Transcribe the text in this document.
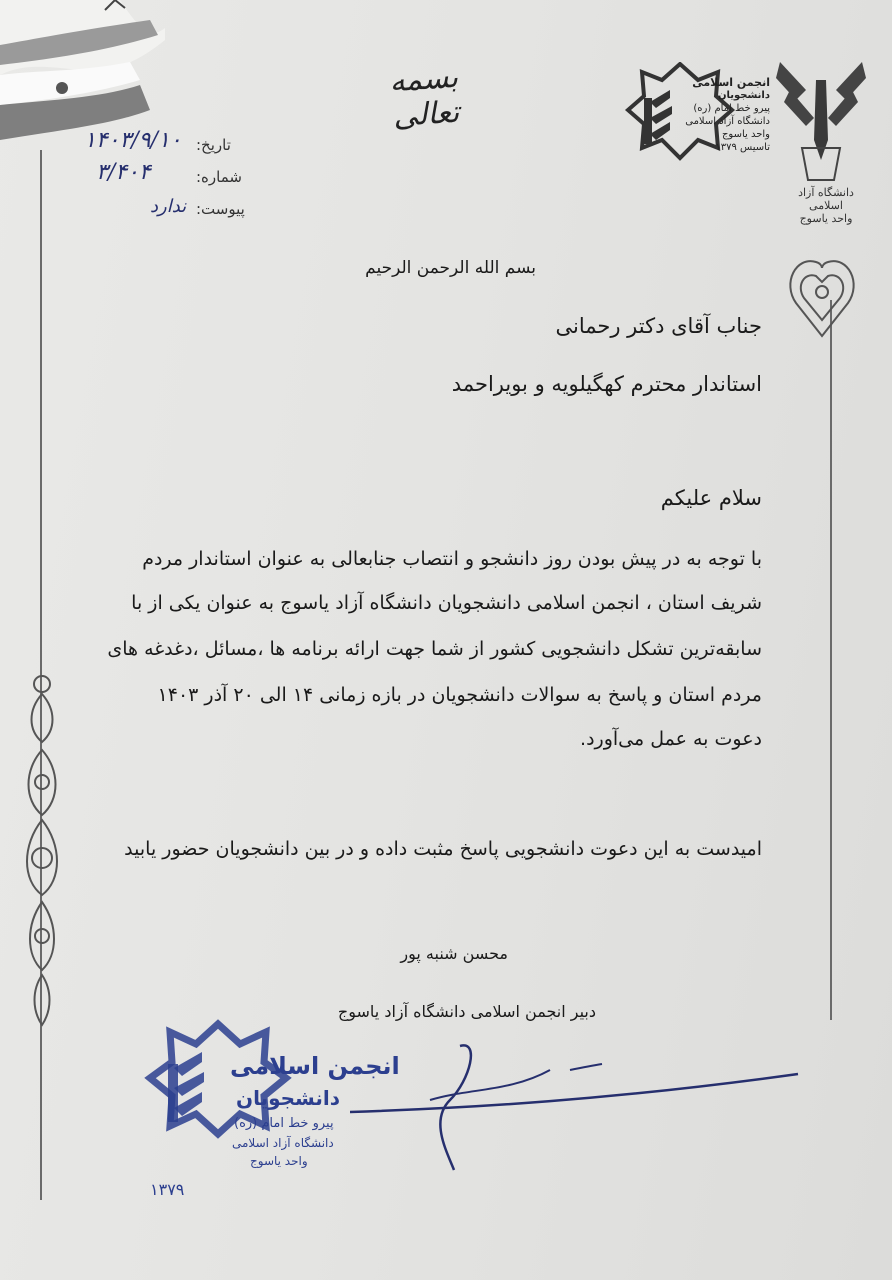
دانشگاه آزاد اسلامی
واحد یاسوج
انجمن اسلامی
دانشجویان
پیرو خط امام (ره)
دانشگاه آزاد اسلامی
واحد یاسوج
تاسیس ۱۳۷۹
بسمه تعالی
تاریخ:
۱۴۰۳/۹/۱۰
شماره:
۳/۴۰۴
پیوست:
ندارد
بسم الله الرحمن الرحیم
جناب آقای دکتر رحمانی
استاندار محترم کهگیلویه و بویراحمد
سلام علیکم
با توجه به در پیش بودن روز دانشجو و انتصاب جنابعالی به عنوان استاندار مردم
شریف استان ، انجمن اسلامی دانشجویان دانشگاه آزاد یاسوج به عنوان یکی از با
سابقه‌ترین تشکل دانشجویی کشور از شما جهت ارائه برنامه ها ،مسائل ،دغدغه های
مردم استان و پاسخ به سوالات دانشجویان در بازه زمانی ۱۴ الی ۲۰ آذر ۱۴۰۳
دعوت به عمل می‌آورد.
امیدست به این دعوت دانشجویی پاسخ مثبت داده و در بین دانشجویان حضور یابید
محسن شنبه پور
دبیر انجمن اسلامی دانشگاه آزاد یاسوج
انجمن اسلامی
دانشجویان
پیرو خط امام (ره)
دانشگاه آزاد اسلامی
واحد یاسوج
۱۳۷۹
